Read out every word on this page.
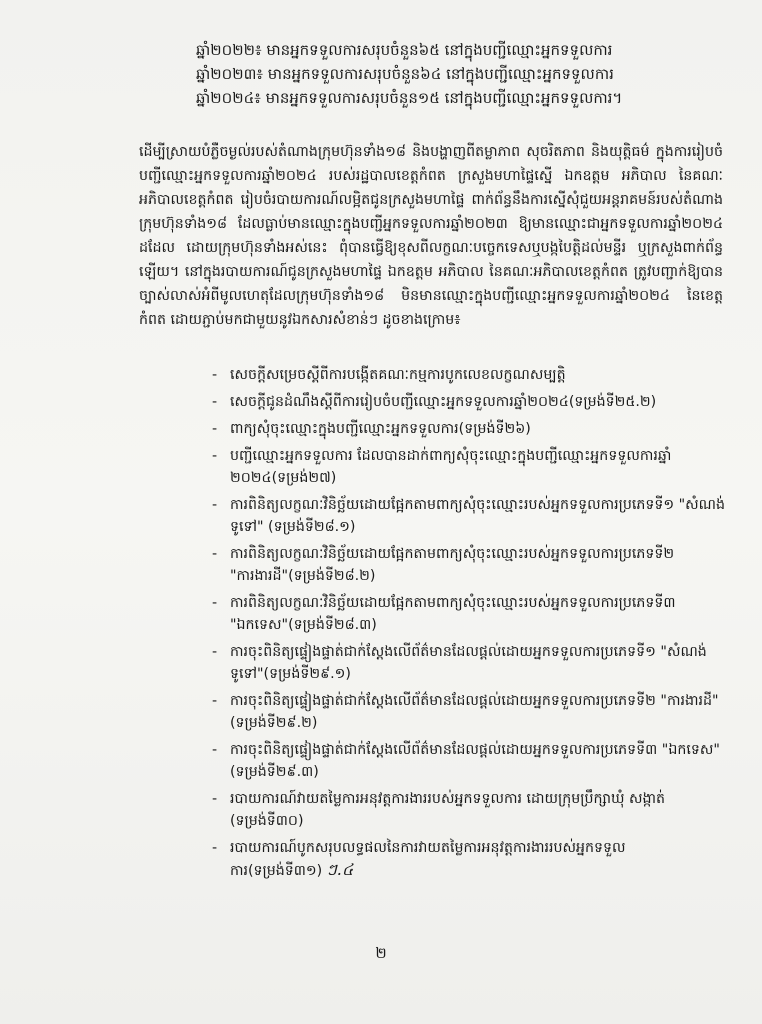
ឆ្នាំ២០២២៖ មានអ្នកទទួលការសរុបចំនួន៦៥ នៅក្នុងបញ្ជីឈ្មោះអ្នកទទួលការ
ឆ្នាំ២០២៣៖ មានអ្នកទទួលការសរុបចំនួន៦៤ នៅក្នុងបញ្ជីឈ្មោះអ្នកទទួលការ
ឆ្នាំ២០២៤៖ មានអ្នកទទួលការសរុបចំនួន១៥ នៅក្នុងបញ្ជីឈ្មោះអ្នកទទួលការ។
ដើម្បីស្រាយបំភ្លឺចម្ងល់របស់តំណាងក្រុមហ៊ុនទាំង១៨ និងបង្ហាញពីតម្លាភាព សុចរិតភាព និងយុត្តិធម៌ ក្នុងការរៀបចំបញ្ជីឈ្មោះអ្នកទទួលការឆ្នាំ២០២៤ របស់រដ្ឋបាលខេត្តកំពត ក្រសួងមហាផ្ទៃស្នើ ឯកឧត្តម អភិបាល នៃគណៈអភិបាលខេត្តកំពត រៀបចំរបាយការណ៍លម្អិតជូនក្រសួងមហាផ្ទៃ ពាក់ព័ន្ធនឹងការស្នើសុំជួយអន្តរាគមន៍របស់តំណាងក្រុមហ៊ុនទាំង១៨ ដែលធ្លាប់មានឈ្មោះក្នុងបញ្ជីអ្នកទទួលការឆ្នាំ២០២៣ ឱ្យមានឈ្មោះជាអ្នកទទួលការឆ្នាំ២០២៤ ដដែល ដោយក្រុមហ៊ុនទាំងអស់នេះ ពុំបានធ្វើឱ្យខុសពីលក្ខណៈបច្ចេកទេសឬបង្កបៃត្តិដល់មន្ទីរ ឬក្រសួងពាក់ព័ន្ធឡើយ។ នៅក្នុងរបាយការណ៍ជូនក្រសួងមហាផ្ទៃ ឯកឧត្តម អភិបាល នៃគណៈអភិបាលខេត្តកំពត ត្រូវបញ្ជាក់ឱ្យបានច្បាស់លាស់អំពីមូលហេតុដែលក្រុមហ៊ុនទាំង១៨ មិនមានឈ្មោះក្នុងបញ្ជីឈ្មោះអ្នកទទួលការឆ្នាំ២០២៤ នៃខេត្តកំពត ដោយភ្ជាប់មកជាមួយនូវឯកសារសំខាន់ៗ ដូចខាងក្រោម៖
- សេចក្តីសម្រេចស្តីពីការបង្កើតគណៈកម្មការបូកលេខលក្ខណសម្បត្តិ
- សេចក្តីជូនដំណឹងស្តីពីការរៀបចំបញ្ជីឈ្មោះអ្នកទទួលការឆ្នាំ២០២៤(ទម្រង់ទី២៥.២)
- ពាក្យសុំចុះឈ្មោះក្នុងបញ្ជីឈ្មោះអ្នកទទួលការ(ទម្រង់ទី២៦)
- បញ្ជីឈ្មោះអ្នកទទួលការ ដែលបានដាក់ពាក្យសុំចុះឈ្មោះក្នុងបញ្ជីឈ្មោះអ្នកទទួលការឆ្នាំ ២០២៤(ទម្រង់២៧)
- ការពិនិត្យលក្ខណៈវិនិច្ឆ័យដោយផ្អែកតាមពាក្យសុំចុះឈ្មោះរបស់អ្នកទទួលការប្រភេទទី១ "សំណង់ទូទៅ" (ទម្រង់ទី២៨.១)
- ការពិនិត្យលក្ខណៈវិនិច្ឆ័យដោយផ្អែកតាមពាក្យសុំចុះឈ្មោះរបស់អ្នកទទួលការប្រភេទទី២ "ការងារដី"(ទម្រង់ទី២៨.២)
- ការពិនិត្យលក្ខណៈវិនិច្ឆ័យដោយផ្អែកតាមពាក្យសុំចុះឈ្មោះរបស់អ្នកទទួលការប្រភេទទី៣ "ឯកទេស"(ទម្រង់ទី២៨.៣)
- ការចុះពិនិត្យផ្ទៀងផ្ទាត់ជាក់ស្តែងលើព័ត៌មានដែលផ្តល់ដោយអ្នកទទួលការប្រភេទទី១ "សំណង់ទូទៅ"(ទម្រង់ទី២៩.១)
- ការចុះពិនិត្យផ្ទៀងផ្ទាត់ជាក់ស្តែងលើព័ត៌មានដែលផ្តល់ដោយអ្នកទទួលការប្រភេទទី២ "ការងារដី"(ទម្រង់ទី២៩.២)
- ការចុះពិនិត្យផ្ទៀងផ្ទាត់ជាក់ស្តែងលើព័ត៌មានដែលផ្តល់ដោយអ្នកទទួលការប្រភេទទី៣ "ឯកទេស"(ទម្រង់ទី២៩.៣)
- របាយការណ៍វាយតម្លៃការអនុវត្តការងាររបស់អ្នកទទួលការ ដោយក្រុមប្រឹក្សាឃុំ សង្កាត់ (ទម្រង់ទី៣០)
- របាយការណ៍បូកសរុបលទ្ធផលនៃការវាយតម្លៃការអនុវត្តការងាររបស់អ្នកទទួលការ(ទម្រង់ទី៣១) ៗ.៤
២
